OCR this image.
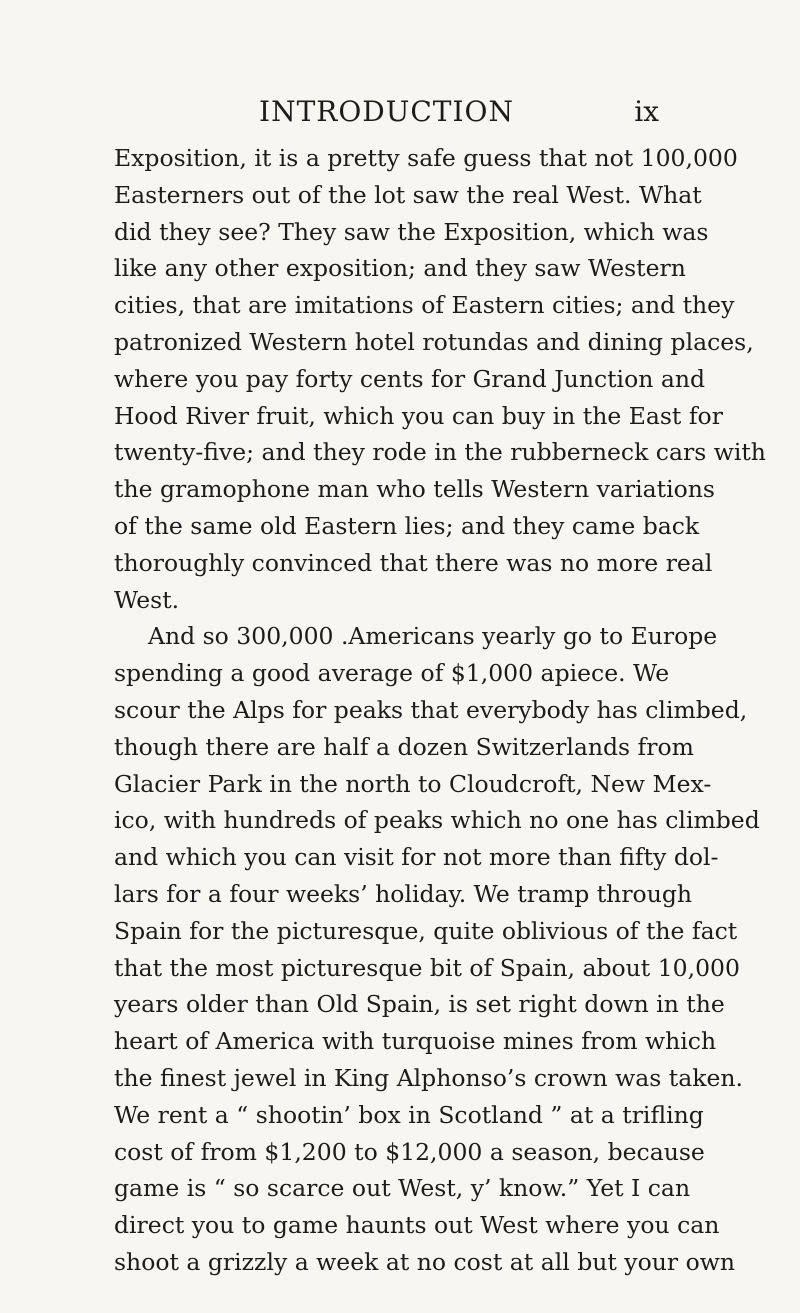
INTRODUCTION	ix
Exposition, it is a pretty safe guess that not 100,000
Easterners out of the lot saw the real West. What
did they see? They saw the Exposition, which was
like any other exposition; and they saw Western
cities, that are imitations of Eastern cities; and they
patronized Western hotel rotundas and dining places,
where you pay forty cents for Grand Junction and
Hood River fruit, which you can buy in the East for
twenty-five; and they rode in the rubberneck cars with
the gramophone man who tells Western variations
of the same old Eastern lies; and they came back
thoroughly convinced that there was no more real
West.
And so 300,000 .Americans yearly go to Europe
spending a good average of $1,000 apiece. We
scour the Alps for peaks that everybody has climbed,
though there are half a dozen Switzerlands from
Glacier Park in the north to Cloudcroft, New Mex-
ico, with hundreds of peaks which no one has climbed
and which you can visit for not more than fifty dol-
lars for a four weeks’ holiday. We tramp through
Spain for the picturesque, quite oblivious of the fact
that the most picturesque bit of Spain, about 10,000
years older than Old Spain, is set right down in the
heart of America with turquoise mines from which
the finest jewel in King Alphonso’s crown was taken.
We rent a “ shootin’ box in Scotland ” at a trifling
cost of from $1,200 to $12,000 a season, because
game is “ so scarce out West, y’ know.” Yet I can
direct you to game haunts out West where you can
shoot a grizzly a week at no cost at all but your own
